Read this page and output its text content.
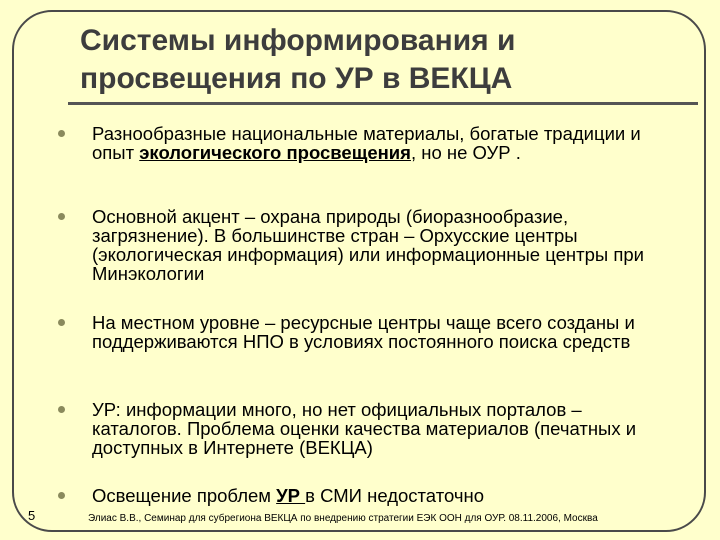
Системы информирования и
просвещения по УР в ВЕКЦА
Разнообразные национальные материалы, богатые традиции и опыт экологического просвещения, но не ОУР .
Основной акцент – охрана природы (биоразнообразие, загрязнение). В большинстве стран – Орхусские центры (экологическая информация) или информационные центры при Минэкологии
На местном уровне – ресурсные центры чаще всего созданы и поддерживаются НПО в условиях постоянного поиска средств
УР: информации много, но нет официальных порталов – каталогов. Проблема оценки качества материалов (печатных и доступных в Интернете (ВЕКЦА)
Освещение проблем УР в СМИ недостаточно
5	Элиас В.В., Семинар для субрегиона ВЕКЦА по внедрению стратегии ЕЭК ООН для ОУР. 08.11.2006, Москва
